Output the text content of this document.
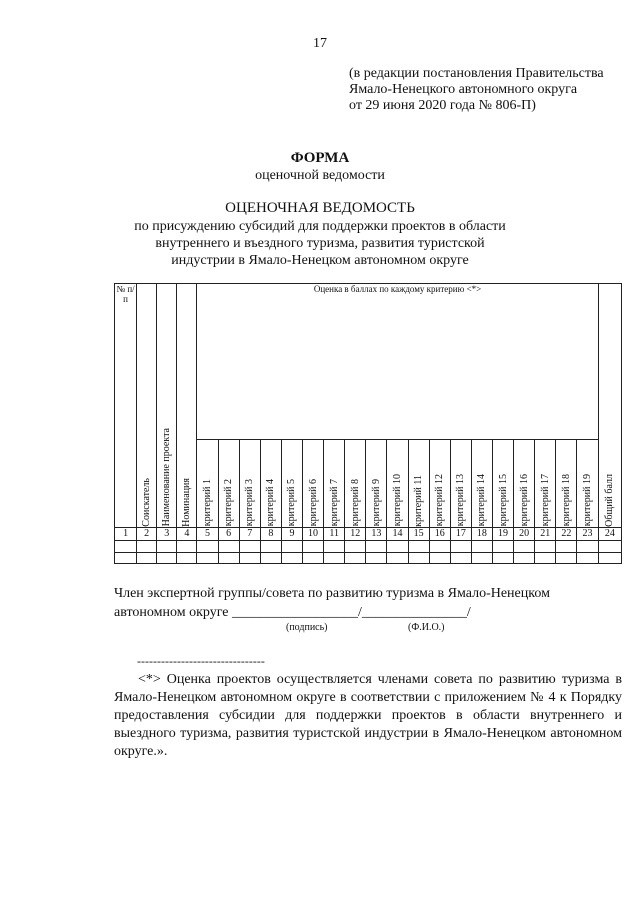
17
(в редакции постановления Правительства
Ямало-Ненецкого автономного округа
от 29 июня 2020 года № 806-П)
ФОРМА
оценочной ведомости
ОЦЕНОЧНАЯ ВЕДОМОСТЬ
по присуждению субсидий для поддержки проектов в области
внутреннего и въездного туризма, развития туристской
индустрии в Ямало-Ненецком автономном округе
№ п/п	Соискатель	Наименование проекта	Номинация	Оценка в баллах по каждому критерию <*>																			Общий балл

				критерий 1	критерий 2	критерий 3	критерий 4	критерий 5	критерий 6	критерий 7	критерий 8	критерий 9	критерий 10	критерий 11	критерий 12	критерий 13	критерий 14	критерий 15	критерий 16	критерий 17	критерий 18	критерий 19	

1	2	3	4	5	6	7	8	9	10	11	12	13	14	15	16	17	18	19	20	21	22	23	24

Член экспертной группы/совета по развитию туризма в Ямало-Ненецком
автономном округе __________________/_______________/
(подпись)	(Ф.И.О.)
--------------------------------
<*> Оценка проектов осуществляется членами совета по развитию туризма в Ямало-Ненецком автономном округе в соответствии с приложением № 4 к Порядку предоставления субсидии для поддержки проектов в области внутреннего и выездного туризма, развития туристской индустрии в Ямало-Ненецком автономном округе.».
